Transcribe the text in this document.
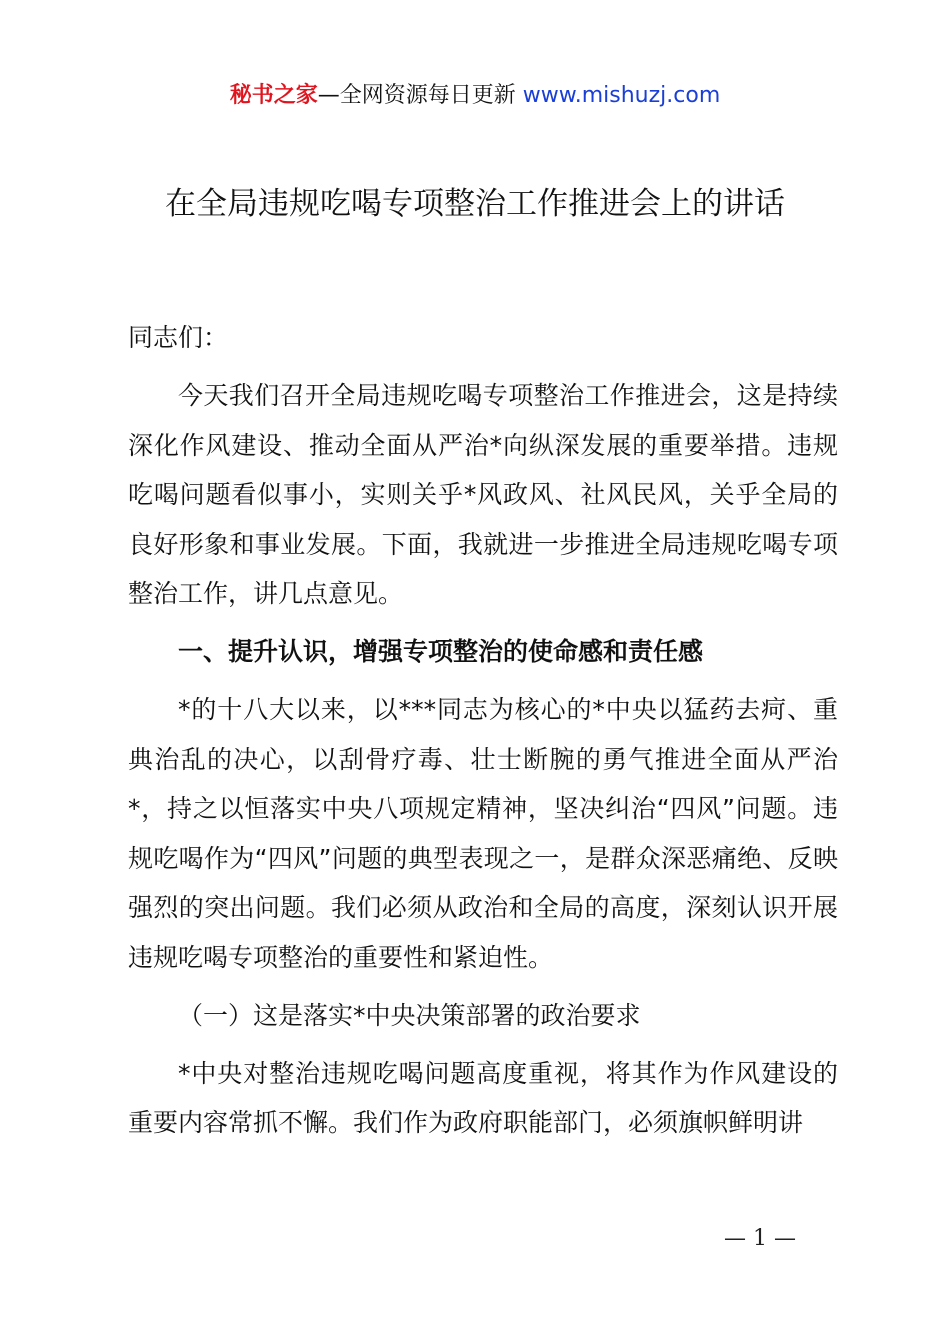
秘书之家—全网资源每日更新 www.mishuzj.com
在全局违规吃喝专项整治工作推进会上的讲话

同志们：

今天我们召开全局违规吃喝专项整治工作推进会，这是持续深化作风建设、推动全面从严治*向纵深发展的重要举措。违规吃喝问题看似事小，实则关乎*风政风、社风民风，关乎全局的良好形象和事业发展。下面，我就进一步推进全局违规吃喝专项整治工作，讲几点意见。

一、提升认识，增强专项整治的使命感和责任感

*的十八大以来，以***同志为核心的*中央以猛药去疴、重典治乱的决心，以刮骨疗毒、壮士断腕的勇气推进全面从严治*，持之以恒落实中央八项规定精神，坚决纠治“四风”问题。违规吃喝作为“四风”问题的典型表现之一，是群众深恶痛绝、反映强烈的突出问题。我们必须从政治和全局的高度，深刻认识开展违规吃喝专项整治的重要性和紧迫性。

（一）这是落实*中央决策部署的政治要求

*中央对整治违规吃喝问题高度重视，将其作为作风建设的重要内容常抓不懈。我们作为政府职能部门，必须旗帜鲜明讲

— 1 —
